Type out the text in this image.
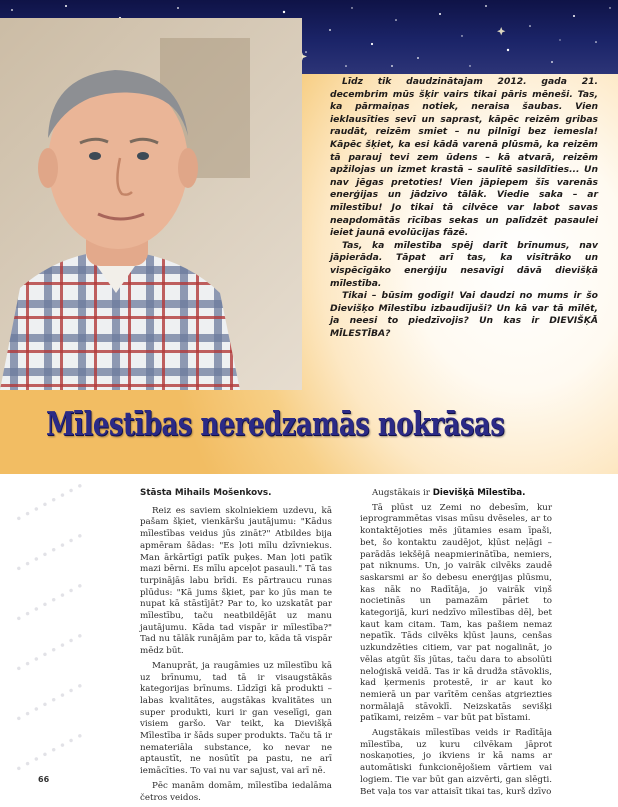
Līdz tik daudzinātajam 2012. gada 21. decembrim mūs šķir vairs tikai pāris mēneši. Tas, ka pārmaiņas notiek, neraisa šaubas. Vien ieklausīties sevī un saprast, kāpēc reizēm gribas raudāt, reizēm smiet – nu pilnīgi bez iemesla! Kāpēc šķiet, ka esi kādā varenā plūsmā, ka reizēm tā parauj tevi zem ūdens – kā atvarā, reizēm apžilojas un izmet krastā – saulītē sasildīties... Un nav jēgas pretoties! Vien jāpiepem šīs varenās enerģijas un jādzīvo tālāk. Viedie saka – ar mīlestību! Jo tikai tā cilvēce var labot savas neapdomātās rīcības sekas un palīdzēt pasaulei ieiet jaunā evolūcijas fāzē.

Tas, ka mīlestība spēj darīt brīnumus, nav jāpierāda. Tāpat arī tas, ka visītrāko un vispēcīgāko enerģiju nesavīgi dāvā dievišķā mīlestība.

Tikai – būsim godīgi! Vai daudzi no mums ir šo Dievišķo Mīlestību izbaudījuši? Un kā var tā mīlēt, ja neesi to piedzīvojis? Un kas ir DIEVIŠĶĀ MĪLESTĪBA?

Mīlestības neredzamās nokrāsas
• • • • • • • •
• • • • • • • •
• • • • • • • •
• • • • • • • •
• • • • • • • •
• • • • • • • •

Stāsta Mihails Mošenkovs.

Reiz es saviem skolniekiem uzdevu, kā pašam šķiet, vienkāršu jautājumu: "Kādus mīlestības veidus jūs zināt?" Atbildes bija apmēram šādas: "Es ļoti mīlu dzīvniekus. Man ārkārtīgi patīk puķes. Man ļoti patīk mazi bērni. Es mīlu apceļot pasauli." Tā tas turpinājās labu brīdi. Es pārtraucu runas plūdus: "Kā jums šķiet, par ko jūs man te nupat kā stāstījāt? Par to, ko uzskatāt par mīlestību, taču neatbildējāt uz manu jautājumu. Kāda tad vispār ir mīlestība?" Tad nu tālāk runājām par to, kāda tā vispār mēdz būt.

Manuprāt, ja raugāmies uz mīlestību kā uz brīnumu, tad tā ir visaugstākās kategorijas brīnums. Līdzīgi kā produkti – labas kvalitātes, augstākas kvalitātes un super produkti, kuri ir gan veselīgi, gan visiem garšo. Var teikt, ka Dievišķā Mīlestība ir šāds super produkts. Taču tā ir nemateriāla substance, ko nevar ne aptaustīt, ne nosūtīt pa pastu, ne arī iemācīties. To vai nu var sajust, vai arī nē.

Pēc manām domām, mīlestība iedalāma četros veidos.

Augstākais ir Dievišķā Mīlestība.

Tā plūst uz Zemi no debesīm, kur ieprogrammētas visas mūsu dvēseles, ar to kontaktējoties mēs jūtamies esam īpaši, bet, šo kontaktu zaudējot, kļūst neļāgi – parādās iekšējā neapmierinātība, nemiers, pat niknums. Un, jo vairāk cilvēks zaudē saskarsmi ar šo debesu enerģijas plūsmu, kas nāk no Radītāja, jo vairāk viņš nocietinās un pamazām pāriet to kategorijā, kuri nedzīvo mīlestības dēļ, bet kaut kam citam. Tam, kas pašiem nemaz nepatīk. Tāds cilvēks kļūst ļauns, cenšas uzkundzēties citiem, var pat nogalināt, jo vēlas atgūt šīs jūtas, taču dara to absolūti neloģiskā veidā. Tas ir kā drudža stāvoklis, kad ķermenis protestē, ir ar kaut ko nemierā un par varītēm cenšas atgriezties normālajā stāvoklī. Neizskatās sevišķi patīkami, reizēm – var būt pat bīstami.

Augstākais mīlestības veids ir Radītāja mīlestība, uz kuru cilvēkam jāprot noskaņoties, jo ikviens ir kā nams ar automātiski funkcionējošiem vārtiem vai logiem. Tie var būt gan aizvērti, gan slēgti. Bet vaļa tos var attaisīt tikai tas, kurš dzīvo

66
